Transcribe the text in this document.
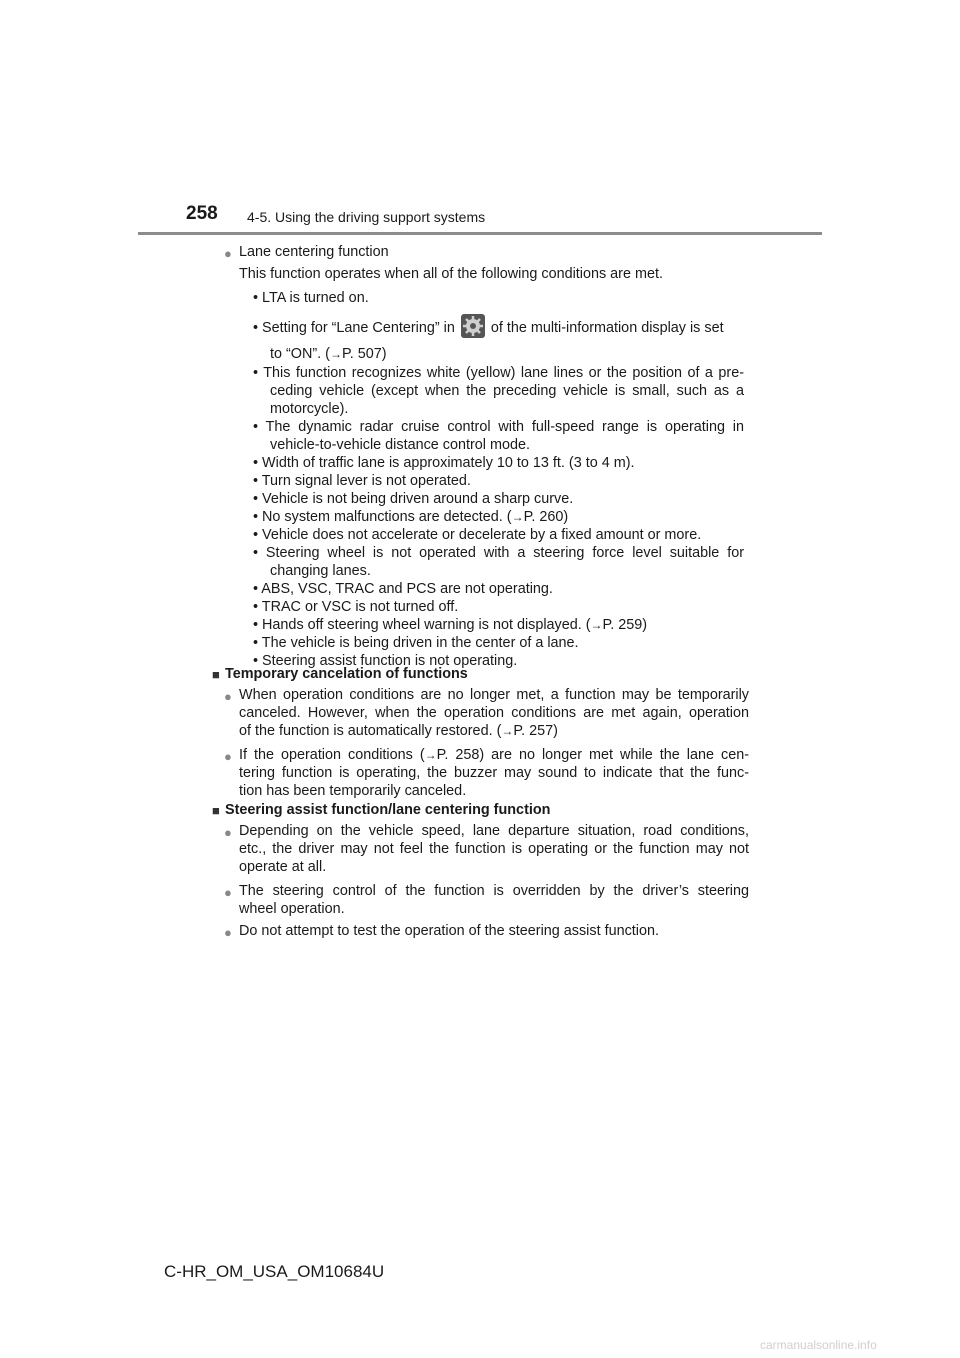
258 4-5. Using the driving support systems
● Lane centering function
This function operates when all of the following conditions are met.
• LTA is turned on.
• Setting for “Lane Centering” in	of the multi-information display is set
to “ON”. (→P. 507)
• This function recognizes white (yellow) lane lines or the position of a pre-
ceding vehicle (except when the preceding vehicle is small, such as a
motorcycle).
• The dynamic radar cruise control with full-speed range is operating in
vehicle-to-vehicle distance control mode.
• Width of traffic lane is approximately 10 to 13 ft. (3 to 4 m).
• Turn signal lever is not operated.
• Vehicle is not being driven around a sharp curve.
• No system malfunctions are detected. (→P. 260)
• Vehicle does not accelerate or decelerate by a fixed amount or more.
• Steering wheel is not operated with a steering force level suitable for
changing lanes.
• ABS, VSC, TRAC and PCS are not operating.
• TRAC or VSC is not turned off.
• Hands off steering wheel warning is not displayed. (→P. 259)
• The vehicle is being driven in the center of a lane.
• Steering assist function is not operating.
■ Temporary cancelation of functions
● When operation conditions are no longer met, a function may be temporarily
canceled. However, when the operation conditions are met again, operation
of the function is automatically restored. (→P. 257)
● If the operation conditions (→P. 258) are no longer met while the lane cen-
tering function is operating, the buzzer may sound to indicate that the func-
tion has been temporarily canceled.
■ Steering assist function/lane centering function
● Depending on the vehicle speed, lane departure situation, road conditions,
etc., the driver may not feel the function is operating or the function may not
operate at all.
● The steering control of the function is overridden by the driver’s steering
wheel operation.
● Do not attempt to test the operation of the steering assist function.
C-HR_OM_USA_OM10684U
carmanualsonline.info
